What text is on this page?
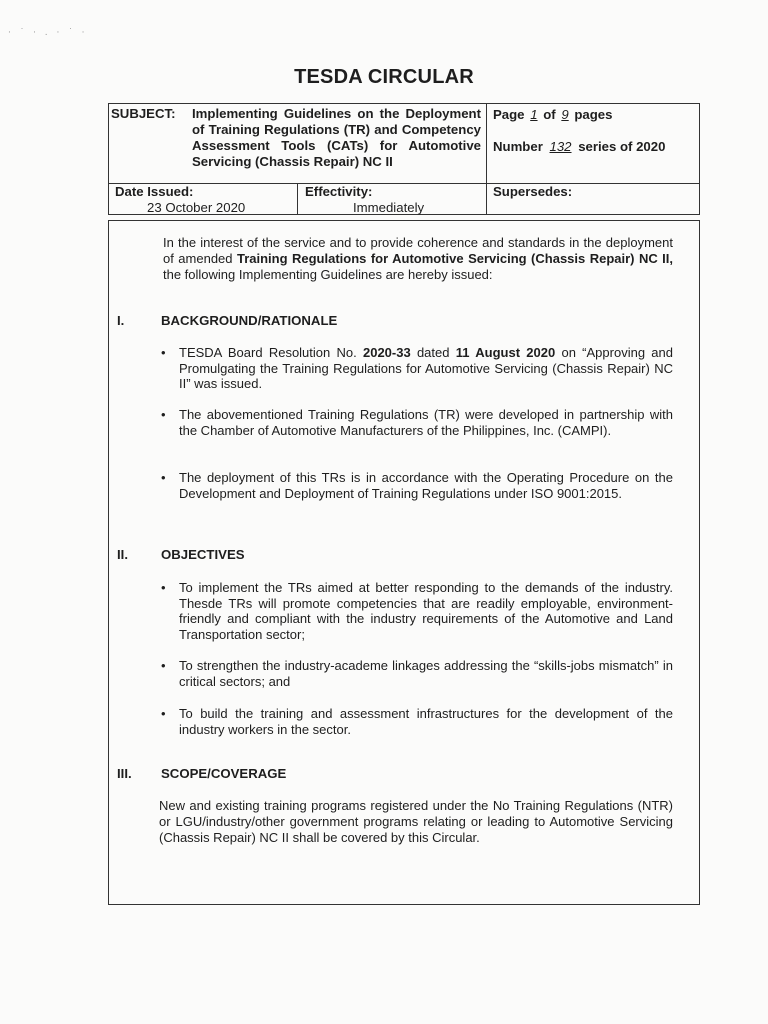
· ˙ · . · ˙ ·
TESDA CIRCULAR
SUBJECT:	Implementing Guidelines on the Deployment of Training Regulations (TR) and Competency Assessment Tools (CATs) for Automotive Servicing (Chassis Repair) NC II
Page 1 of 9 pages
Number 132 series of 2020
Date Issued:
23 October 2020
Effectivity:
Immediately
Supersedes:
In the interest of the service and to provide coherence and standards in the deployment of amended Training Regulations for Automotive Servicing (Chassis Repair) NC II, the following Implementing Guidelines are hereby issued:
I.	BACKGROUND/RATIONALE
•	TESDA Board Resolution No. 2020-33 dated 11 August 2020 on “Approving and Promulgating the Training Regulations for Automotive Servicing (Chassis Repair) NC II” was issued.
•	The abovementioned Training Regulations (TR) were developed in partnership with the Chamber of Automotive Manufacturers of the Philippines, Inc. (CAMPI).
•	The deployment of this TRs is in accordance with the Operating Procedure on the Development and Deployment of Training Regulations under ISO 9001:2015.
II.	OBJECTIVES
•	To implement the TRs aimed at better responding to the demands of the industry. Thesde TRs will promote competencies that are readily employable, environment-friendly and compliant with the industry requirements of the Automotive and Land Transportation sector;
•	To strengthen the industry-academe linkages addressing the “skills-jobs mismatch” in critical sectors; and
•	To build the training and assessment infrastructures for the development of the industry workers in the sector.
III. SCOPE/COVERAGE
New and existing training programs registered under the No Training Regulations (NTR) or LGU/industry/other government programs relating or leading to Automotive Servicing (Chassis Repair) NC II shall be covered by this Circular.
